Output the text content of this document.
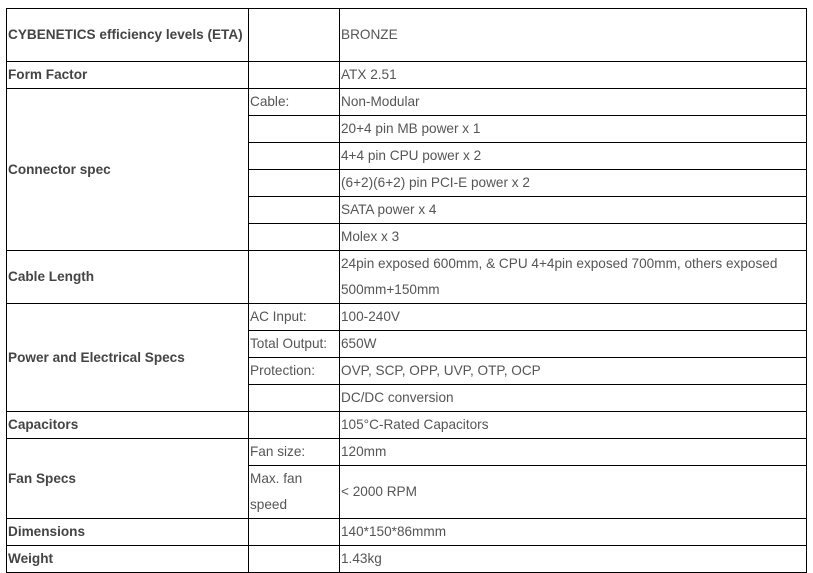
CYBENETICS efficiency levels (ETA)		BRONZE
Form Factor		ATX 2.51
Connector spec	Cable:	Non-Modular
		20+4 pin MB power x 1
		4+4 pin CPU power x 2
		(6+2)(6+2) pin PCI-E power x 2
		SATA power x 4
		Molex x 3
Cable Length		24pin exposed 600mm, & CPU 4+4pin exposed 700mm, others exposed 500mm+150mm
Power and Electrical Specs	AC Input:	100-240V
	Total Output:	650W
	Protection:	OVP, SCP, OPP, UVP, OTP, OCP
		DC/DC conversion
Capacitors		105°C-Rated Capacitors
Fan Specs	Fan size:	120mm
	Max. fan speed	< 2000 RPM
Dimensions		140*150*86mmm
Weight		1.43kg
